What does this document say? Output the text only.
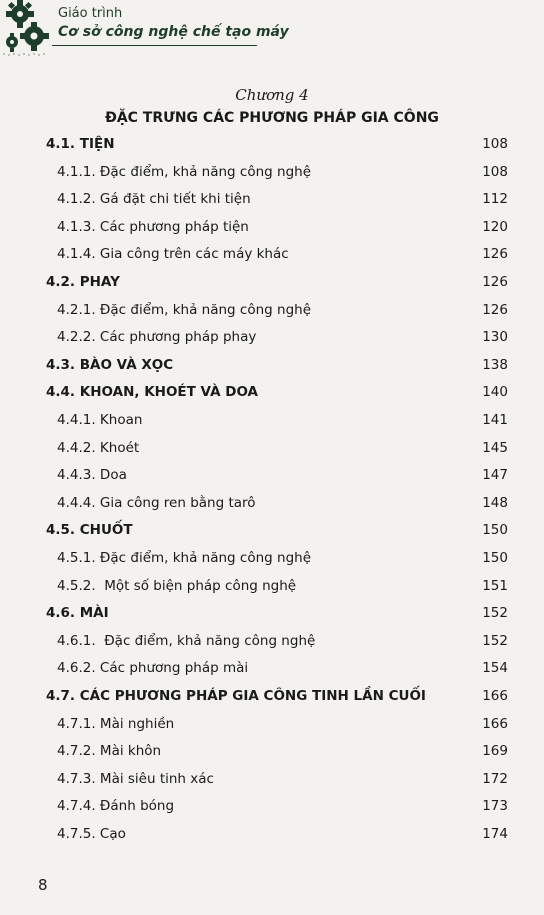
Giáo trình
Cơ sở công nghệ chế tạo máy
Chương 4
ĐẶC TRƯNG CÁC PHƯƠNG PHÁP GIA CÔNG
4.1. TIỆN	108
4.1.1. Đặc điểm, khả năng công nghệ	108
4.1.2. Gá đặt chi tiết khi tiện	112
4.1.3. Các phương pháp tiện	120
4.1.4. Gia công trên các máy khác	126
4.2. PHAY	126
4.2.1. Đặc điểm, khả năng công nghệ	126
4.2.2. Các phương pháp phay	130
4.3. BÀO VÀ XỌC	138
4.4. KHOAN, KHOÉT VÀ DOA	140
4.4.1. Khoan	141
4.4.2. Khoét	145
4.4.3. Doa	147
4.4.4. Gia công ren bằng tarô	148
4.5. CHUỐT	150
4.5.1. Đặc điểm, khả năng công nghệ	150
4.5.2.  Một số biện pháp công nghệ	151
4.6. MÀI	152
4.6.1.  Đặc điểm, khả năng công nghệ	152
4.6.2. Các phương pháp mài	154
4.7. CÁC PHƯƠNG PHÁP GIA CÔNG TINH LẦN CUỐI	166
4.7.1. Mài nghiền	166
4.7.2. Mài khôn	169
4.7.3. Mài siêu tinh xác	172
4.7.4. Đánh bóng	173
4.7.5. Cạo	174
8
